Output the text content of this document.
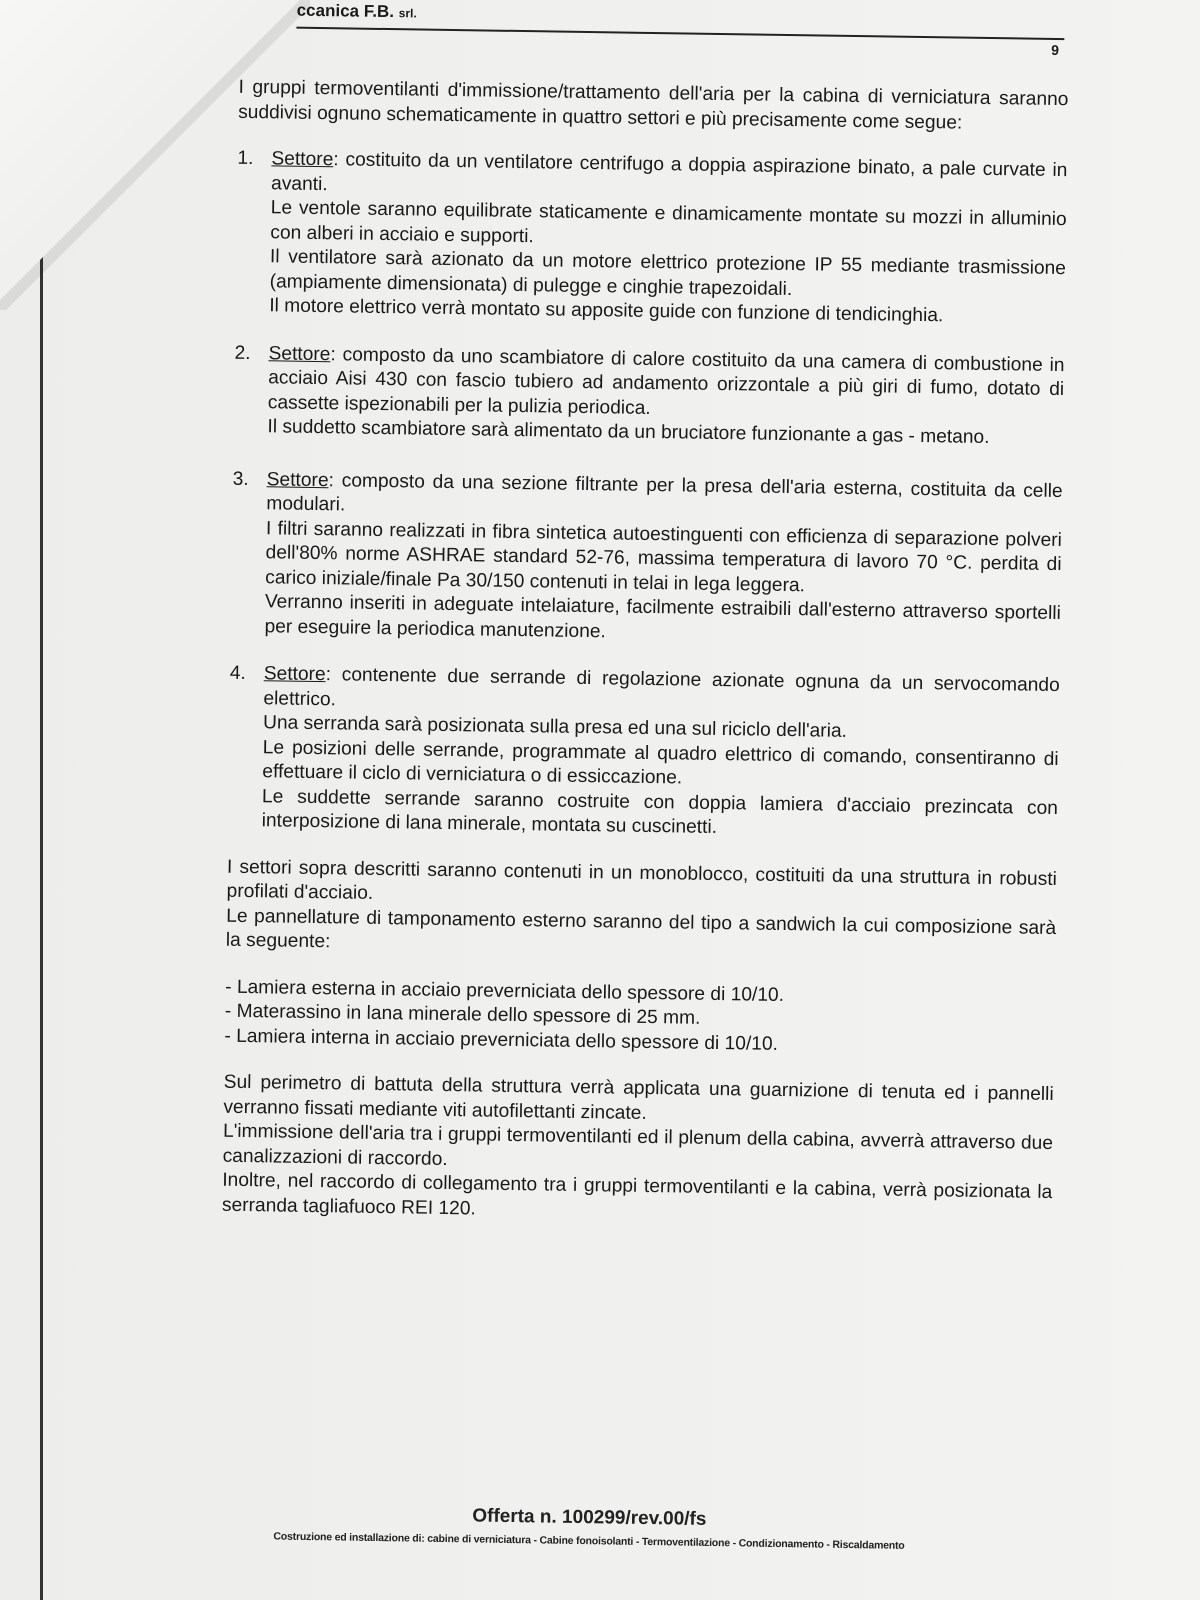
ccanica F.B. srl.
9

I gruppi termoventilanti d'immissione/trattamento dell'aria per la cabina di verniciatura saranno suddivisi ognuno schematicamente in quattro settori e più precisamente come segue:

1. Settore: costituito da un ventilatore centrifugo a doppia aspirazione binato, a pale curvate in avanti.

Le ventole saranno equilibrate staticamente e dinamicamente montate su mozzi in alluminio con alberi in acciaio e supporti.

Il ventilatore sarà azionato da un motore elettrico protezione IP 55 mediante trasmissione (ampiamente dimensionata) di pulegge e cinghie trapezoidali.

Il motore elettrico verrà montato su apposite guide con funzione di tendicinghia.

2. Settore: composto da uno scambiatore di calore costituito da una camera di combustione in acciaio Aisi 430 con fascio tubiero ad andamento orizzontale a più giri di fumo, dotato di cassette ispezionabili per la pulizia periodica.

Il suddetto scambiatore sarà alimentato da un bruciatore funzionante a gas - metano.

3. Settore: composto da una sezione filtrante per la presa dell'aria esterna, costituita da celle modulari.

I filtri saranno realizzati in fibra sintetica autoestinguenti con efficienza di separazione polveri dell'80% norme ASHRAE standard 52-76, massima temperatura di lavoro 70 °C. perdita di carico iniziale/finale Pa 30/150 contenuti in telai in lega leggera.

Verranno inseriti in adeguate intelaiature, facilmente estraibili dall'esterno attraverso sportelli per eseguire la periodica manutenzione.

4. Settore: contenente due serrande di regolazione azionate ognuna da un servocomando elettrico.

Una serranda sarà posizionata sulla presa ed una sul riciclo dell'aria.

Le posizioni delle serrande, programmate al quadro elettrico di comando, consentiranno di effettuare il ciclo di verniciatura o di essiccazione.

Le suddette serrande saranno costruite con doppia lamiera d'acciaio prezincata con interposizione di lana minerale, montata su cuscinetti.

I settori sopra descritti saranno contenuti in un monoblocco, costituiti da una struttura in robusti profilati d'acciaio.

Le pannellature di tamponamento esterno saranno del tipo a sandwich la cui composizione sarà la seguente:

- Lamiera esterna in acciaio preverniciata dello spessore di 10/10.

- Materassino in lana minerale dello spessore di 25 mm.

- Lamiera interna in acciaio preverniciata dello spessore di 10/10.

Sul perimetro di battuta della struttura verrà applicata una guarnizione di tenuta ed i pannelli verranno fissati mediante viti autofilettanti zincate.

L'immissione dell'aria tra i gruppi termoventilanti ed il plenum della cabina, avverrà attraverso due canalizzazioni di raccordo.

Inoltre, nel raccordo di collegamento tra i gruppi termoventilanti e la cabina, verrà posizionata la serranda tagliafuoco REI 120.

Offerta n. 100299/rev.00/fs
Costruzione ed installazione di: cabine di verniciatura - Cabine fonoisolanti - Termoventilazione - Condizionamento - Riscaldamento
